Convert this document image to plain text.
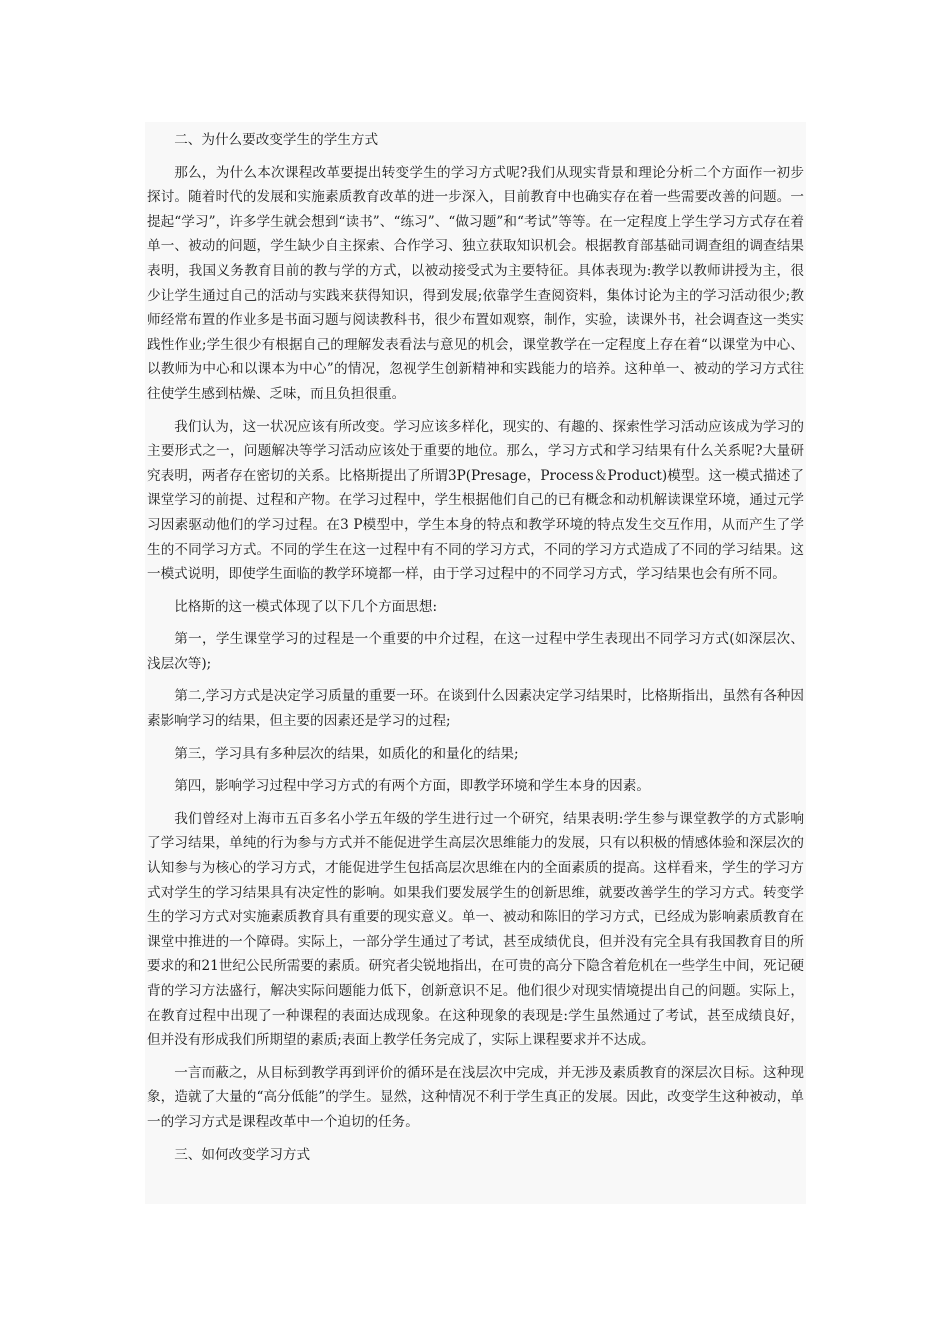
二、为什么要改变学生的学生方式

那么，为什么本次课程改革要提出转变学生的学习方式呢?我们从现实背景和理论分析二个方面作一初步探讨。随着时代的发展和实施素质教育改革的进一步深入，目前教育中也确实存在着一些需要改善的问题。一提起“学习”，许多学生就会想到“读书”、“练习”、“做习题”和“考试”等等。在一定程度上学生学习方式存在着单一、被动的问题，学生缺少自主探索、合作学习、独立获取知识机会。根据教育部基础司调查组的调查结果表明，我国义务教育目前的教与学的方式，以被动接受式为主要特征。具体表现为:教学以教师讲授为主，很少让学生通过自己的活动与实践来获得知识，得到发展;依靠学生查阅资料，集体讨论为主的学习活动很少;教师经常布置的作业多是书面习题与阅读教科书，很少布置如观察，制作，实验，读课外书，社会调查这一类实践性作业;学生很少有根据自己的理解发表看法与意见的机会，课堂教学在一定程度上存在着“以课堂为中心、以教师为中心和以课本为中心”的情况，忽视学生创新精神和实践能力的培养。这种单一、被动的学习方式往往使学生感到枯燥、乏味，而且负担很重。

我们认为，这一状况应该有所改变。学习应该多样化，现实的、有趣的、探索性学习活动应该成为学习的主要形式之一，问题解决等学习活动应该处于重要的地位。那么，学习方式和学习结果有什么关系呢?大量研究表明，两者存在密切的关系。比格斯提出了所谓3P(Presage，Process＆Product)模型。这一模式描述了课堂学习的前提、过程和产物。在学习过程中，学生根据他们自己的已有概念和动机解读课堂环境，通过元学习因素驱动他们的学习过程。在3 P模型中，学生本身的特点和教学环境的特点发生交互作用，从而产生了学生的不同学习方式。不同的学生在这一过程中有不同的学习方式，不同的学习方式造成了不同的学习结果。这一模式说明，即使学生面临的教学环境都一样，由于学习过程中的不同学习方式，学习结果也会有所不同。

比格斯的这一模式体现了以下几个方面思想:

第一，学生课堂学习的过程是一个重要的中介过程，在这一过程中学生表现出不同学习方式(如深层次、浅层次等);

第二,学习方式是决定学习质量的重要一环。在谈到什么因素决定学习结果时，比格斯指出，虽然有各种因素影响学习的结果，但主要的因素还是学习的过程;

第三，学习具有多种层次的结果，如质化的和量化的结果;

第四，影响学习过程中学习方式的有两个方面，即教学环境和学生本身的因素。

我们曾经对上海市五百多名小学五年级的学生进行过一个研究，结果表明:学生参与课堂教学的方式影响了学习结果，单纯的行为参与方式并不能促进学生高层次思维能力的发展，只有以积极的情感体验和深层次的认知参与为核心的学习方式，才能促进学生包括高层次思维在内的全面素质的提高。这样看来，学生的学习方式对学生的学习结果具有决定性的影响。如果我们要发展学生的创新思维，就要改善学生的学习方式。转变学生的学习方式对实施素质教育具有重要的现实意义。单一、被动和陈旧的学习方式，已经成为影响素质教育在课堂中推进的一个障碍。实际上，一部分学生通过了考试，甚至成绩优良，但并没有完全具有我国教育目的所要求的和21世纪公民所需要的素质。研究者尖锐地指出，在可贵的高分下隐含着危机在一些学生中间，死记硬背的学习方法盛行，解决实际问题能力低下，创新意识不足。他们很少对现实情境提出自己的问题。实际上，在教育过程中出现了一种课程的表面达成现象。在这种现象的表现是:学生虽然通过了考试，甚至成绩良好，但并没有形成我们所期望的素质;表面上教学任务完成了，实际上课程要求并不达成。

一言而蔽之，从目标到教学再到评价的循环是在浅层次中完成，并无涉及素质教育的深层次目标。这种现象，造就了大量的“高分低能”的学生。显然，这种情况不利于学生真正的发展。因此，改变学生这种被动，单一的学习方式是课程改革中一个迫切的任务。

三、如何改变学习方式
